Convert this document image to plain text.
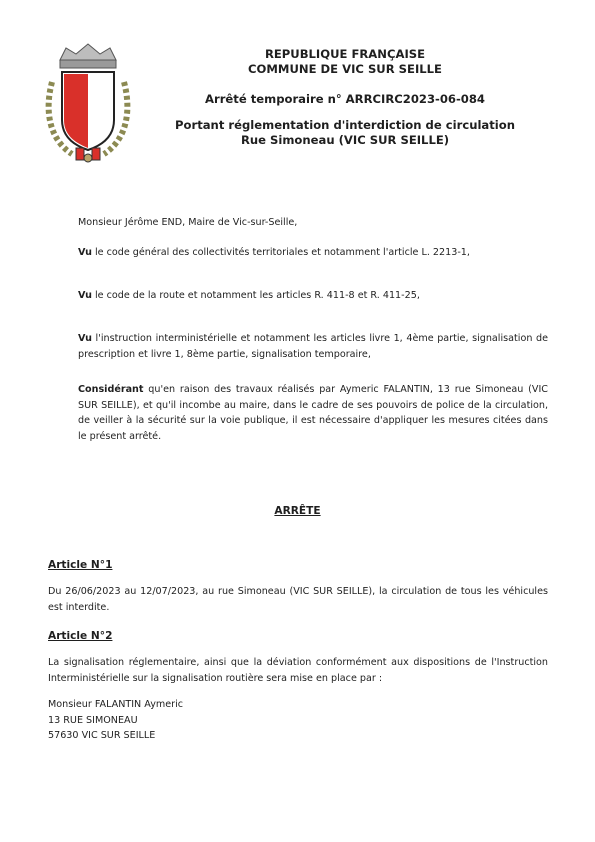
REPUBLIQUE FRANÇAISE
COMMUNE DE VIC SUR SEILLE
Arrêté temporaire n° ARRCIRC2023-06-084
Portant réglementation d'interdiction de circulation
Rue Simoneau (VIC SUR SEILLE)
Monsieur Jérôme END, Maire de Vic-sur-Seille,
Vu le code général des collectivités territoriales et notamment l'article L. 2213-1,
Vu le code de la route et notamment les articles R. 411-8 et R. 411-25,
Vu l'instruction interministérielle et notamment les articles livre 1, 4ème partie, signalisation de prescription et livre 1, 8ème partie, signalisation temporaire,
Considérant qu'en raison des travaux réalisés par Aymeric FALANTIN, 13 rue Simoneau (VIC SUR SEILLE), et qu'il incombe au maire, dans le cadre de ses pouvoirs de police de la circulation, de veiller à la sécurité sur la voie publique, il est nécessaire d'appliquer les mesures citées dans le présent arrêté.
ARRÊTE
Article N°1
Du 26/06/2023 au 12/07/2023, au rue Simoneau (VIC SUR SEILLE), la circulation de tous les véhicules est interdite.
Article N°2
La signalisation réglementaire, ainsi que la déviation conformément aux dispositions de l'Instruction Interministérielle sur la signalisation routière sera mise en place par :
Monsieur FALANTIN Aymeric
13 RUE SIMONEAU
57630 VIC SUR SEILLE
